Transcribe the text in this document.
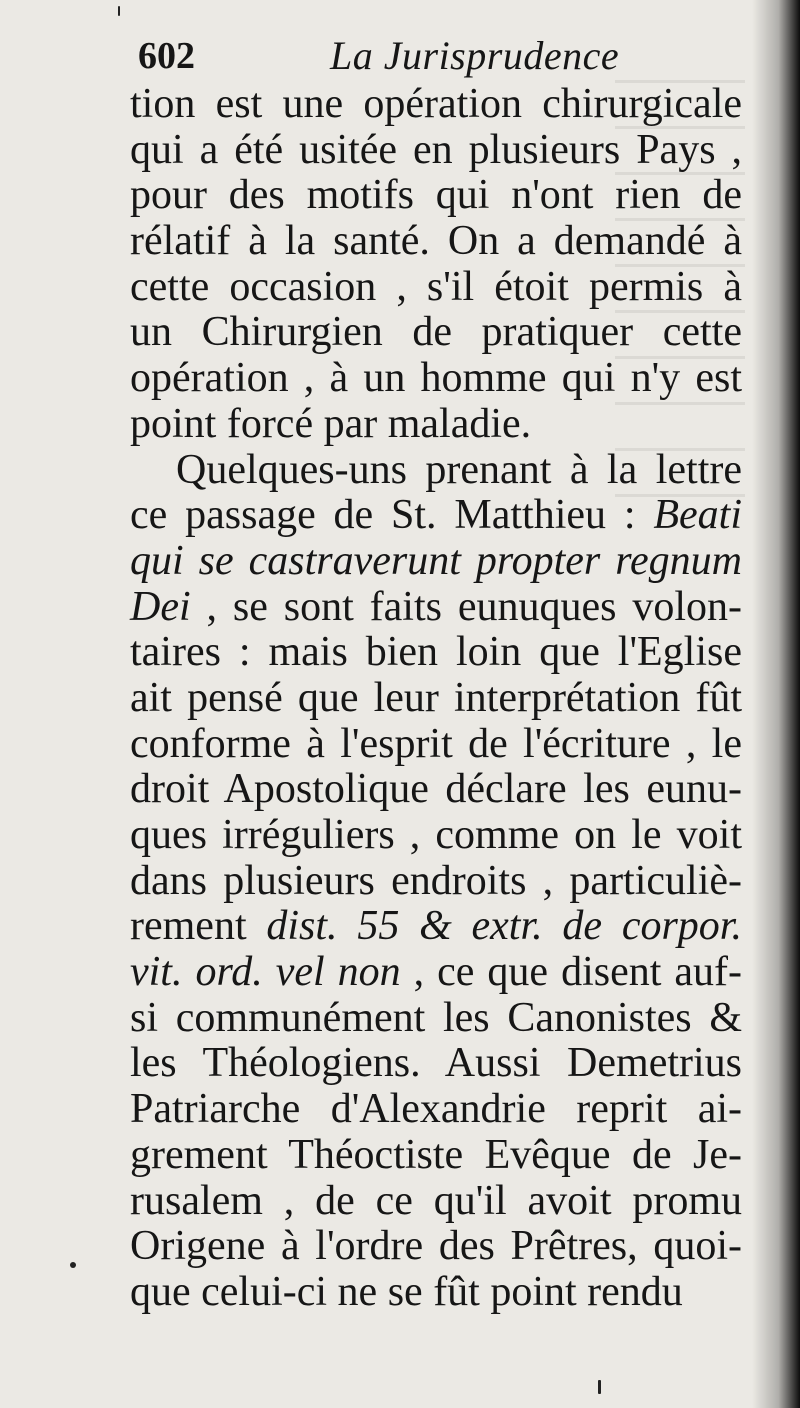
602	La Jurisprudence
tion est une opération chirurgicale
qui a été usitée en plusieurs Pays ,
pour des motifs qui n'ont rien de
rélatif à la santé. On a demandé à
cette occasion , s'il étoit permis à
un Chirurgien de pratiquer cette
opération , à un homme qui n'y est
point forcé par maladie.
Quelques-uns prenant à la lettre
ce passage de St. Matthieu : Beati
qui se castraverunt propter regnum
Dei , se sont faits eunuques volon-
taires : mais bien loin que l'Eglise
ait pensé que leur interprétation fût
conforme à l'esprit de l'écriture , le
droit Apostolique déclare les eunu-
ques irréguliers , comme on le voit
dans plusieurs endroits , particuliè-
rement dist. 55 & extr. de corpor.
vit. ord. vel non , ce que disent auf-
si communément les Canonistes &
les Théologiens. Aussi Demetrius
Patriarche d'Alexandrie reprit ai-
grement Théoctiste Evêque de Je-
rusalem , de ce qu'il avoit promu
Origene à l'ordre des Prêtres, quoi-
que celui-ci ne se fût point rendu
